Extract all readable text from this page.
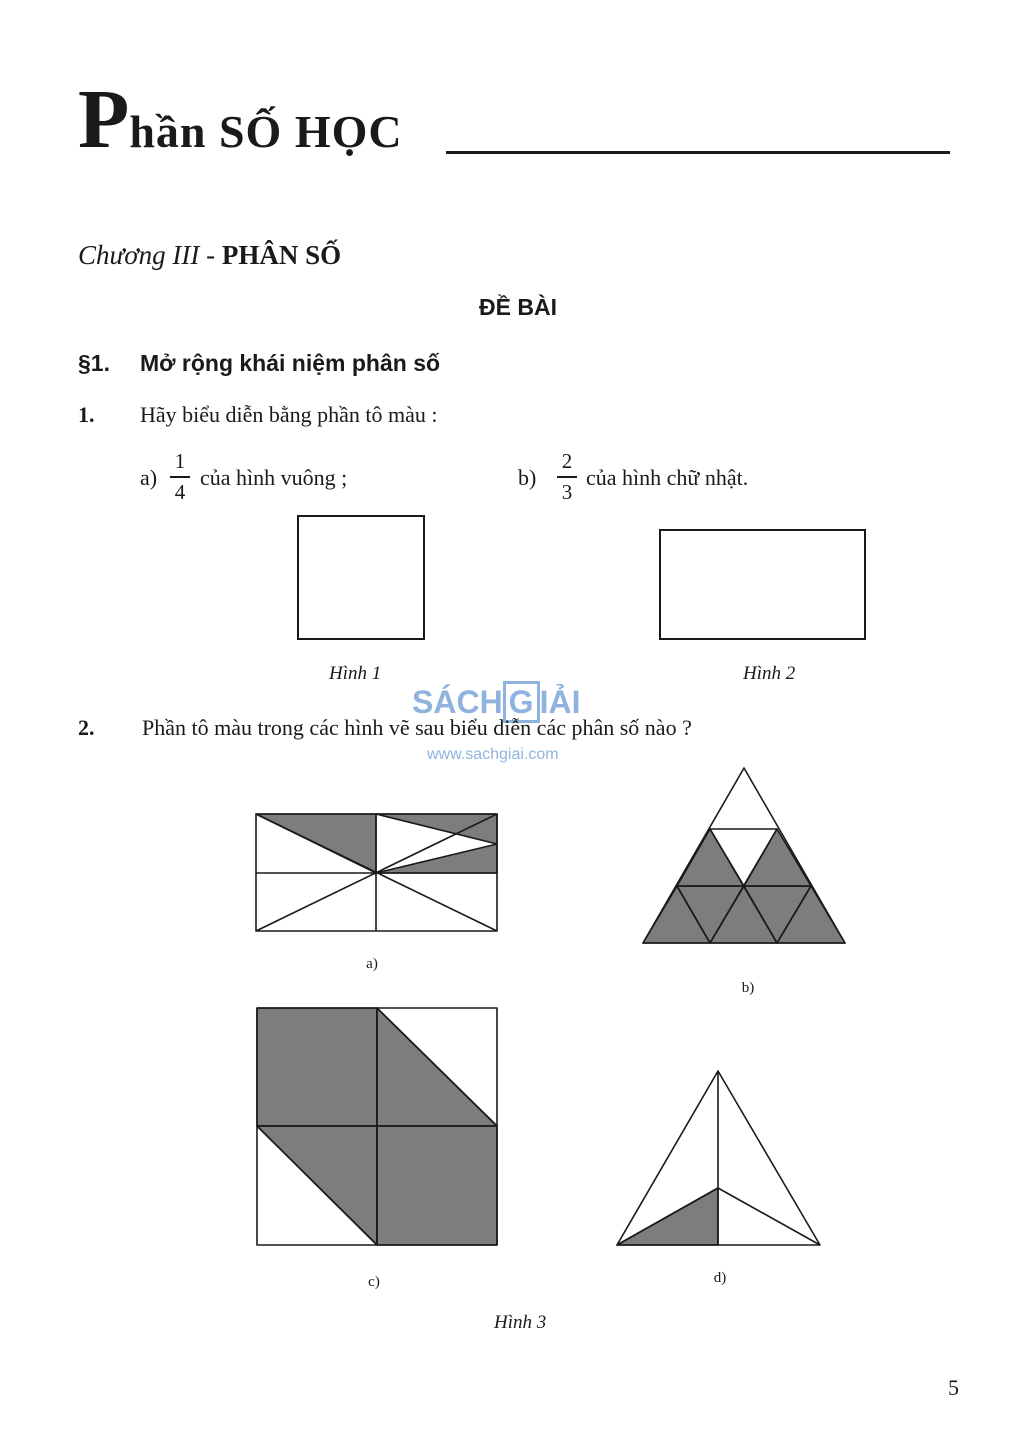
Phần SỐ HỌC
Chương III - PHÂN SỐ
ĐỀ BÀI
§1. Mở rộng khái niệm phân số
1. Hãy biểu diễn bằng phần tô màu :
a)
1
4
của hình vuông ;	b)
2
3
của hình chữ nhật.
Hình 1	Hình 2
SÁCH G IẢI
www.sachgiai.com
2. Phần tô màu trong các hình vẽ sau biểu diễn các phân số nào ?
a)
b)
c)	d)
Hình 3
5
